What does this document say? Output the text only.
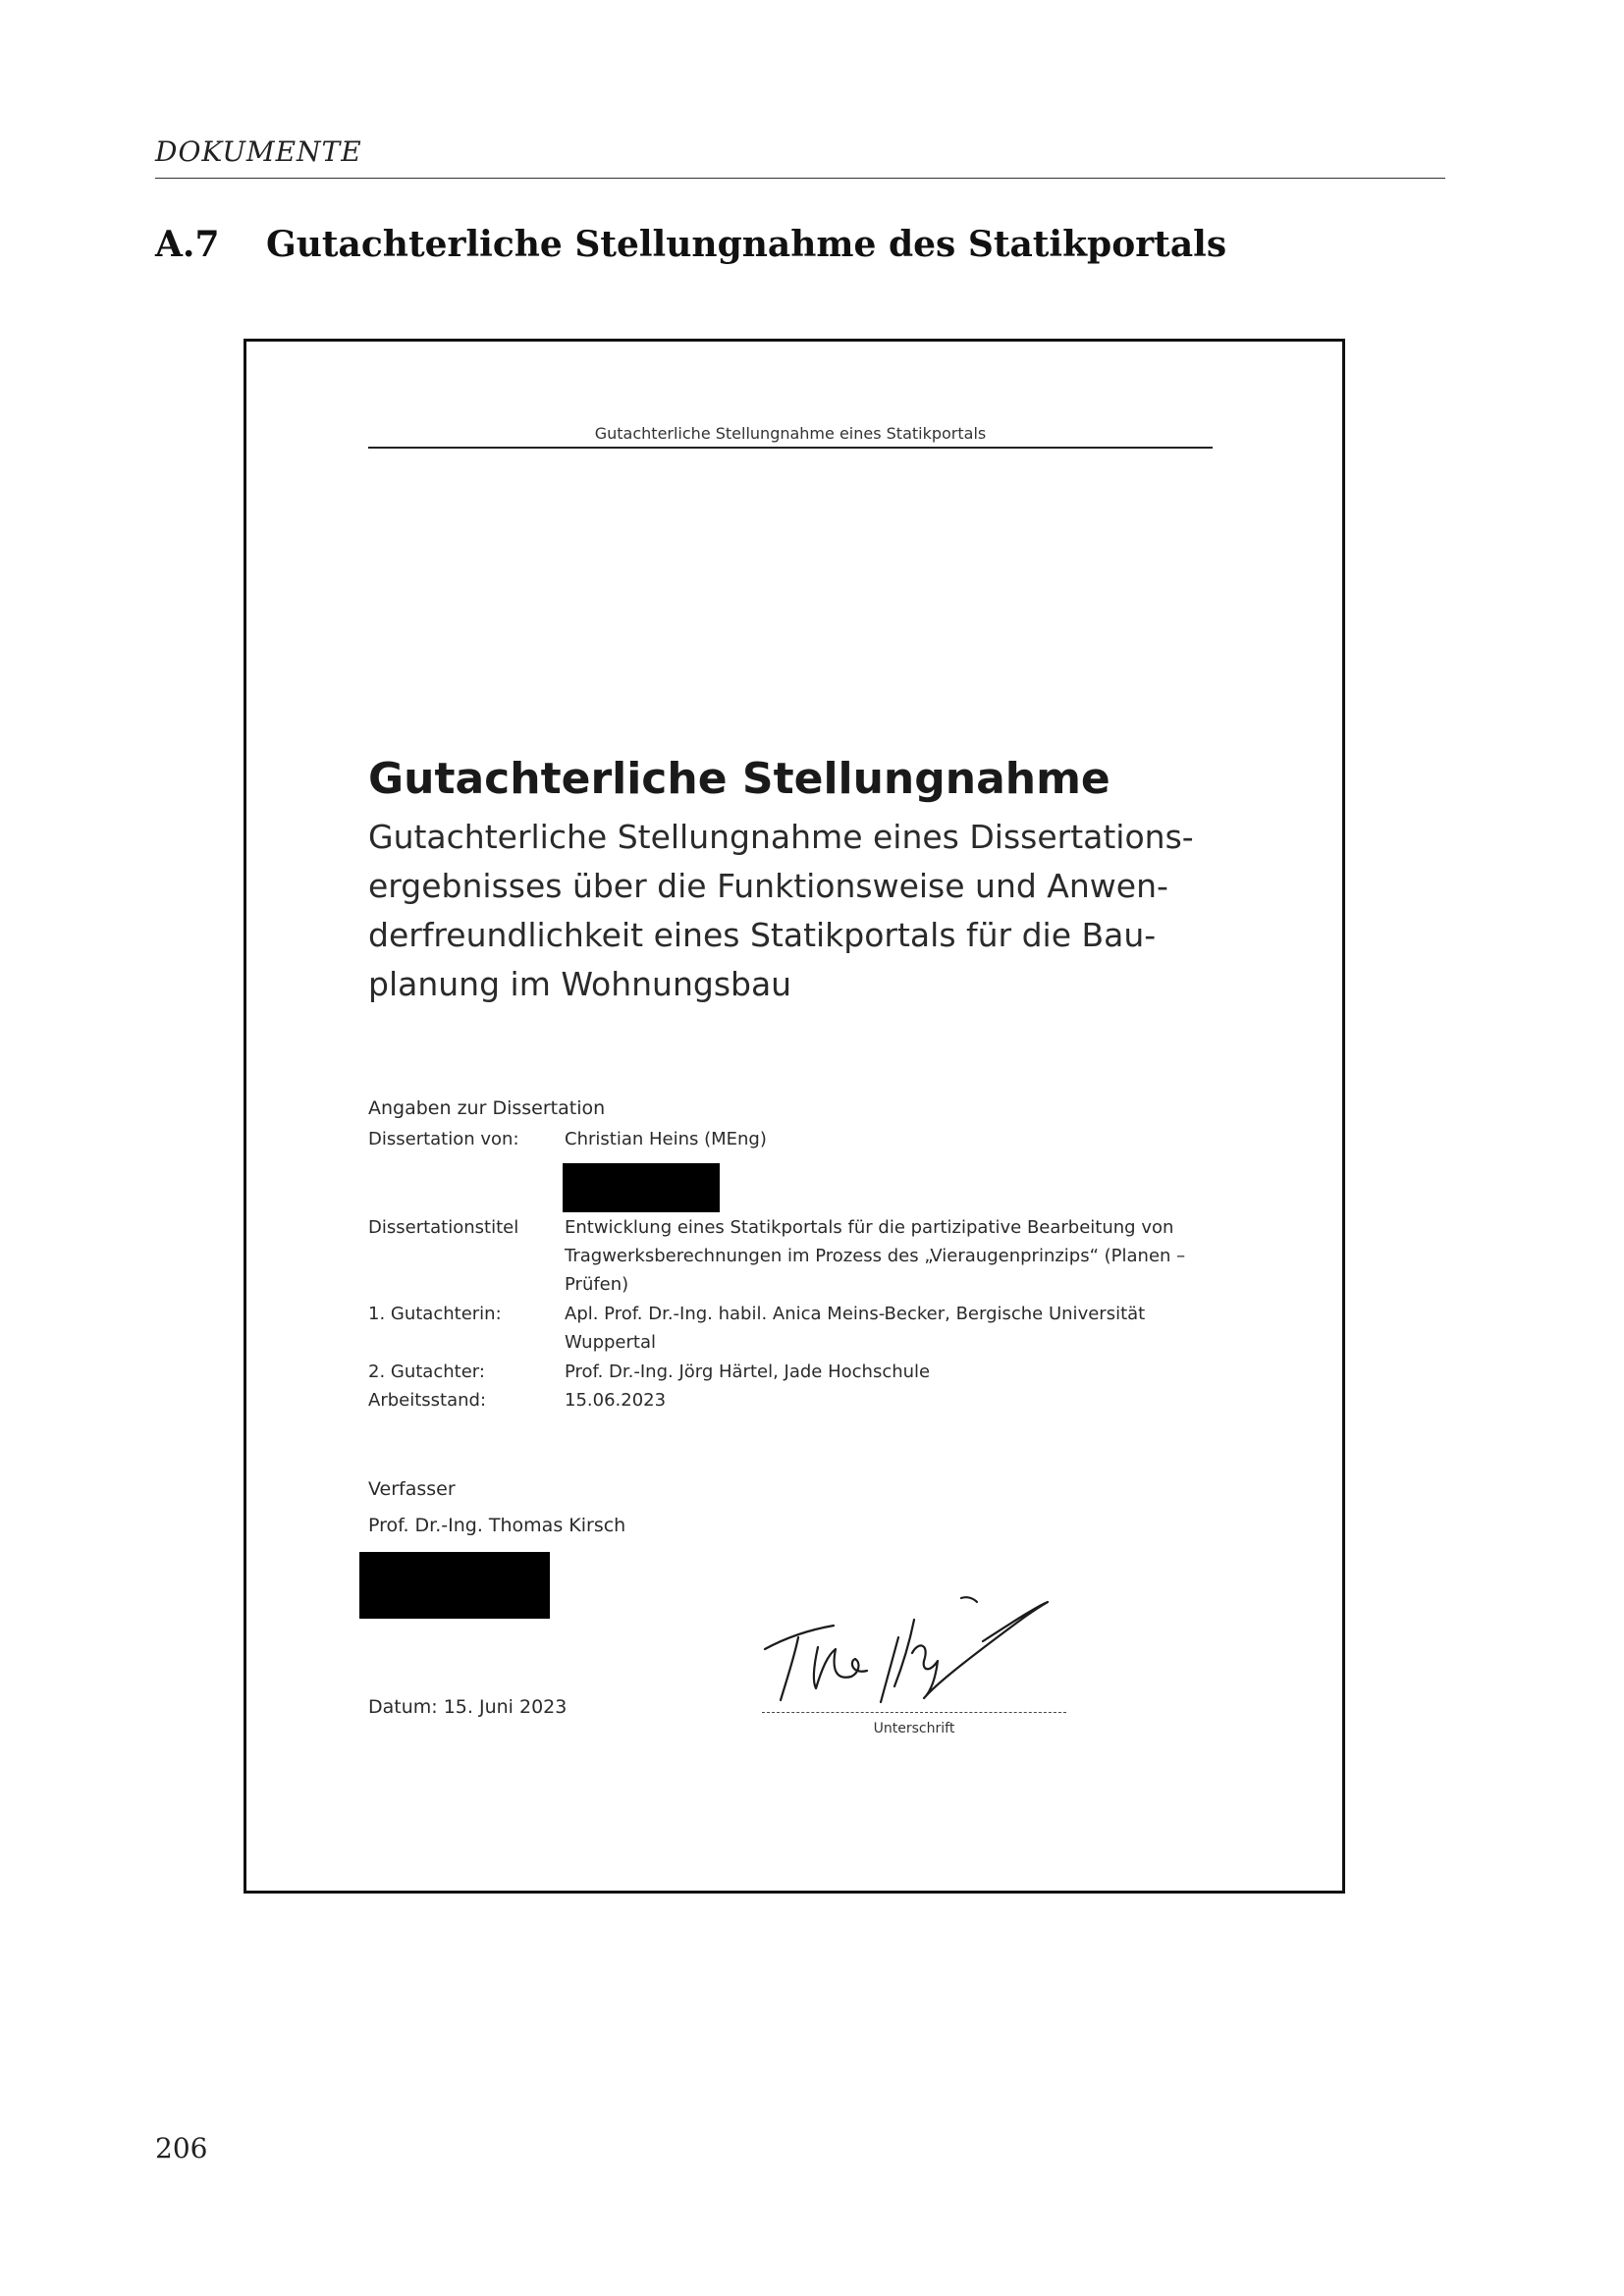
DOKUMENTE
A.7 Gutachterliche Stellungnahme des Statikportals
Gutachterliche Stellungnahme eines Statikportals
Gutachterliche Stellungnahme
Gutachterliche Stellungnahme eines Dissertations-
ergebnisses über die Funktionsweise und Anwen-
derfreundlichkeit eines Statikportals für die Bau-
planung im Wohnungsbau
Angaben zur Dissertation
Dissertation von:	Christian Heins (MEng)
Dissertationstitel	Entwicklung eines Statikportals für die partizipative Bearbeitung von Tragwerksberechnungen im Prozess des „Vieraugenprinzips“ (Planen – Prüfen)
1. Gutachterin:	Apl. Prof. Dr.-Ing. habil. Anica Meins-Becker, Bergische Universität Wuppertal
2. Gutachter:	Prof. Dr.-Ing. Jörg Härtel, Jade Hochschule
Arbeitsstand:	15.06.2023
Verfasser
Prof. Dr.-Ing. Thomas Kirsch
Datum: 15. Juni 2023
Unterschrift
206
